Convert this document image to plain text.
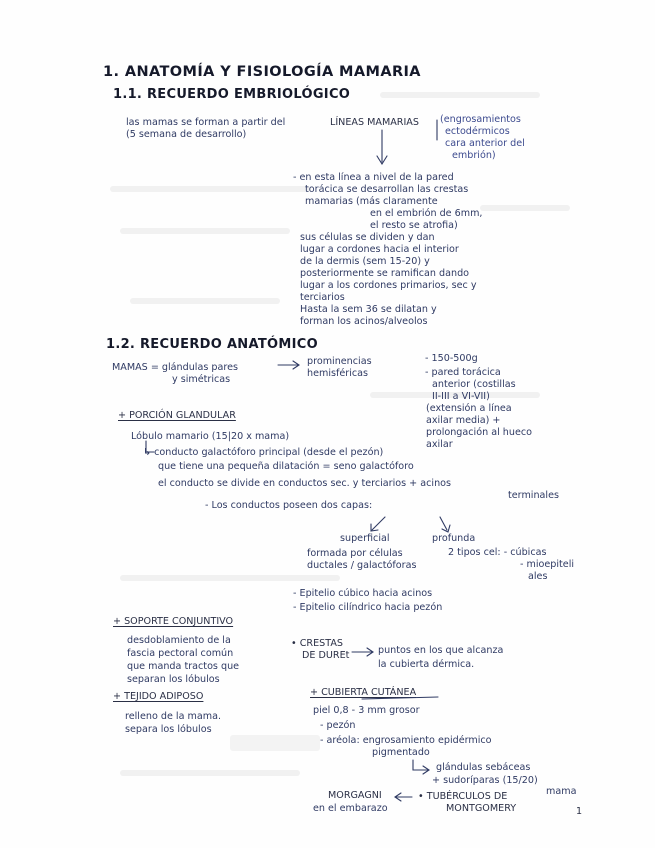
1. ANATOMÍA Y FISIOLOGÍA MAMARIA
1.1. RECUERDO EMBRIOLÓGICO
las mamas se forman a partir del
(5 semana de desarrollo)
LÍNEAS MAMARIAS (engrosamientos
ectodérmicos
cara anterior del
embrión)
- en esta línea a nivel de la pared
torácica se desarrollan las crestas
mamarias (más claramente
en el embrión de 6mm,
el resto se atrofia)
sus células se dividen y dan
lugar a cordones hacia el interior
de la dermis (sem 15-20) y
posteriormente se ramifican dando
lugar a los cordones primarios, sec y
terciarios
Hasta la sem 36 se dilatan y
forman los acinos/alveolos
1.2. RECUERDO ANATÓMICO
MAMAS = glándulas pares
y simétricas
prominencias
hemisféricas
- 150-500g
- pared torácica
anterior (costillas
II-III a VI-VII)
(extensión a línea
axilar media) +
prolongación al hueco
axilar
+ PORCIÓN GLANDULAR
Lóbulo mamario (15|20 x mama)
↳ conducto galactóforo principal (desde el pezón)
que tiene una pequeña dilatación = seno galactóforo
el conducto se divide en conductos sec. y terciarios + acinos
terminales
- Los conductos poseen dos capas:
superficial	profunda
formada por células
ductales / galactóforas
2 tipos cel: - cúbicas
- mioepiteli
ales
- Epitelio cúbico hacia acinos
- Epitelio cilíndrico hacia pezón
+ SOPORTE CONJUNTIVO
desdoblamiento de la
fascia pectoral común
que manda tractos que
separan los lóbulos
• CRESTAS
DE DUREt	puntos en los que alcanza
la cubierta dérmica.
+ TEJIDO ADIPOSO
relleno de la mama.
separa los lóbulos
+ CUBIERTA CUTÁNEA
piel 0,8 - 3 mm grosor
- pezón
- aréola: engrosamiento epidérmico
pigmentado
glándulas sebáceas
+ sudoríparas (15/20)
• TUBÉRCULOS DE	mama
MONTGOMERY
MORGAGNI
en el embarazo	1
